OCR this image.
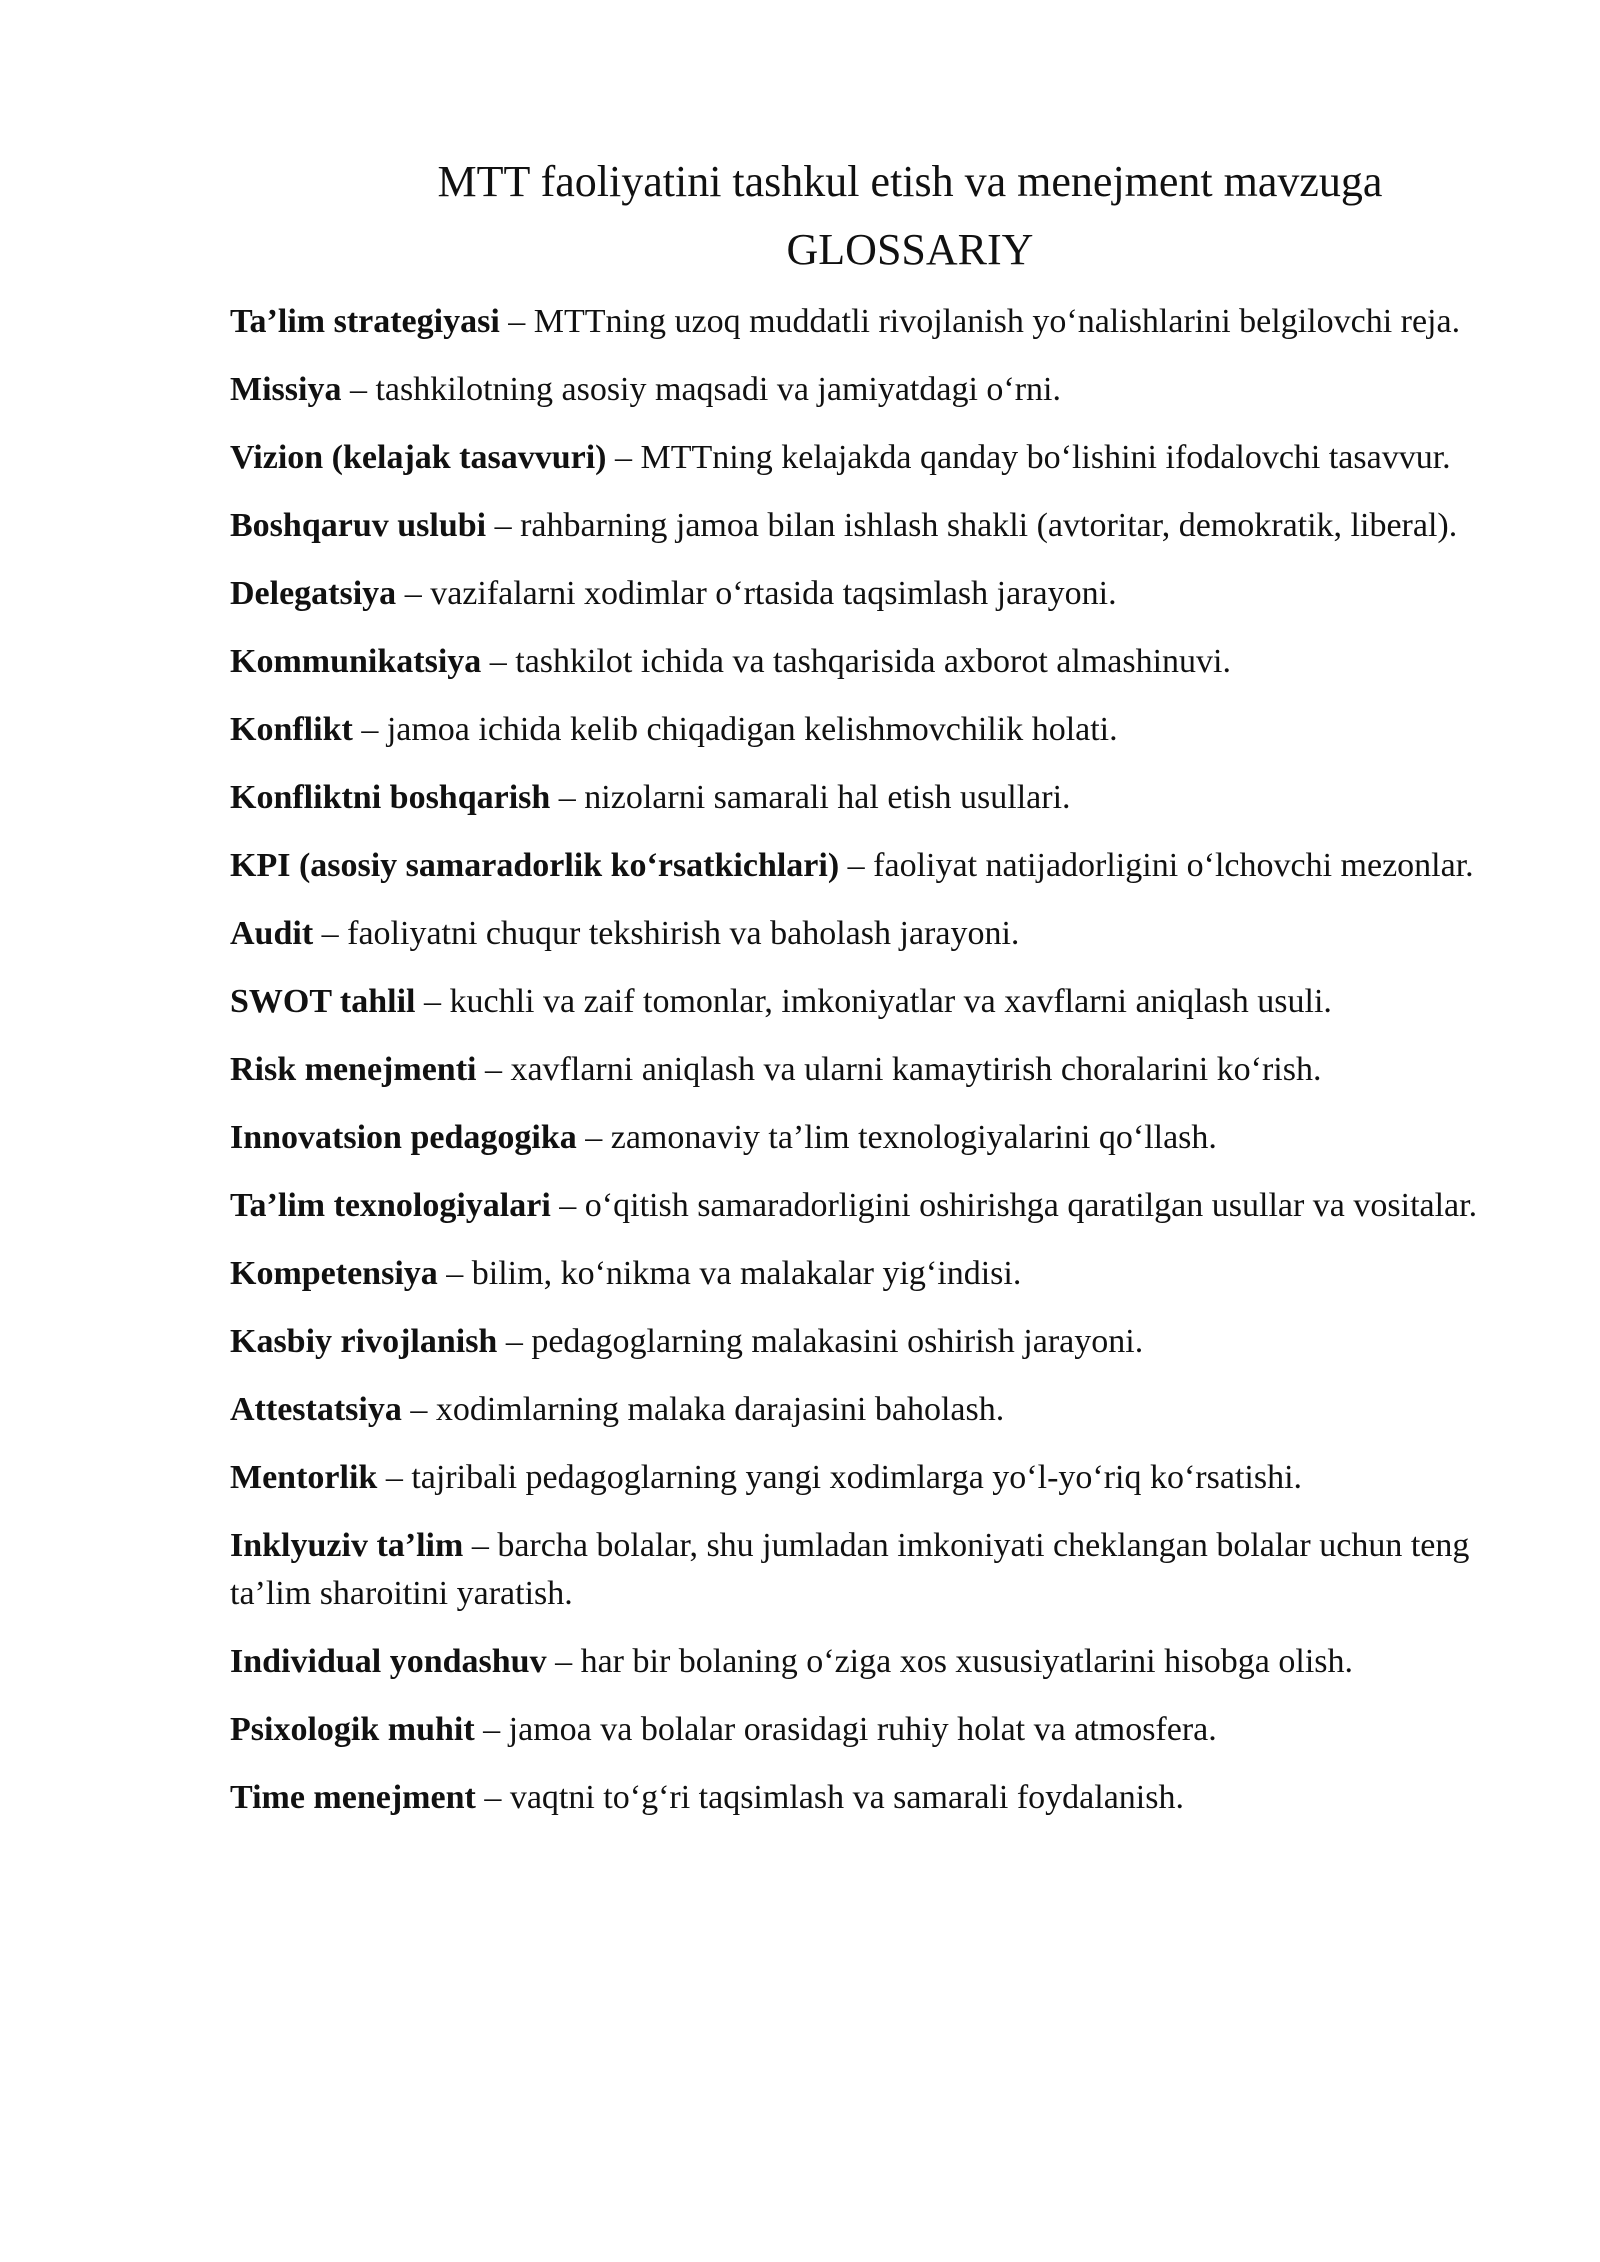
MTT faoliyatini tashkul etish va menejment mavzuga
GLOSSARIY
Ta’lim strategiyasi – MTTning uzoq muddatli rivojlanish yo‘nalishlarini belgilovchi reja.
Missiya – tashkilotning asosiy maqsadi va jamiyatdagi o‘rni.
Vizion (kelajak tasavvuri) – MTTning kelajakda qanday bo‘lishini ifodalovchi tasavvur.
Boshqaruv uslubi – rahbarning jamoa bilan ishlash shakli (avtoritar, demokratik, liberal).
Delegatsiya – vazifalarni xodimlar o‘rtasida taqsimlash jarayoni.
Kommunikatsiya – tashkilot ichida va tashqarisida axborot almashinuvi.
Konflikt – jamoa ichida kelib chiqadigan kelishmovchilik holati.
Konfliktni boshqarish – nizolarni samarali hal etish usullari.
KPI (asosiy samaradorlik ko‘rsatkichlari) – faoliyat natijadorligini o‘lchovchi mezonlar.
Audit – faoliyatni chuqur tekshirish va baholash jarayoni.
SWOT tahlil – kuchli va zaif tomonlar, imkoniyatlar va xavflarni aniqlash usuli.
Risk menejmenti – xavflarni aniqlash va ularni kamaytirish choralarini ko‘rish.
Innovatsion pedagogika – zamonaviy ta’lim texnologiyalarini qo‘llash.
Ta’lim texnologiyalari – o‘qitish samaradorligini oshirishga qaratilgan usullar va vositalar.
Kompetensiya – bilim, ko‘nikma va malakalar yig‘indisi.
Kasbiy rivojlanish – pedagoglarning malakasini oshirish jarayoni.
Attestatsiya – xodimlarning malaka darajasini baholash.
Mentorlik – tajribali pedagoglarning yangi xodimlarga yo‘l-yo‘riq ko‘rsatishi.
Inklyuziv ta’lim – barcha bolalar, shu jumladan imkoniyati cheklangan bolalar uchun teng ta’lim sharoitini yaratish.
Individual yondashuv – har bir bolaning o‘ziga xos xususiyatlarini hisobga olish.
Psixologik muhit – jamoa va bolalar orasidagi ruhiy holat va atmosfera.
Time menejment – vaqtni to‘g‘ri taqsimlash va samarali foydalanish.
